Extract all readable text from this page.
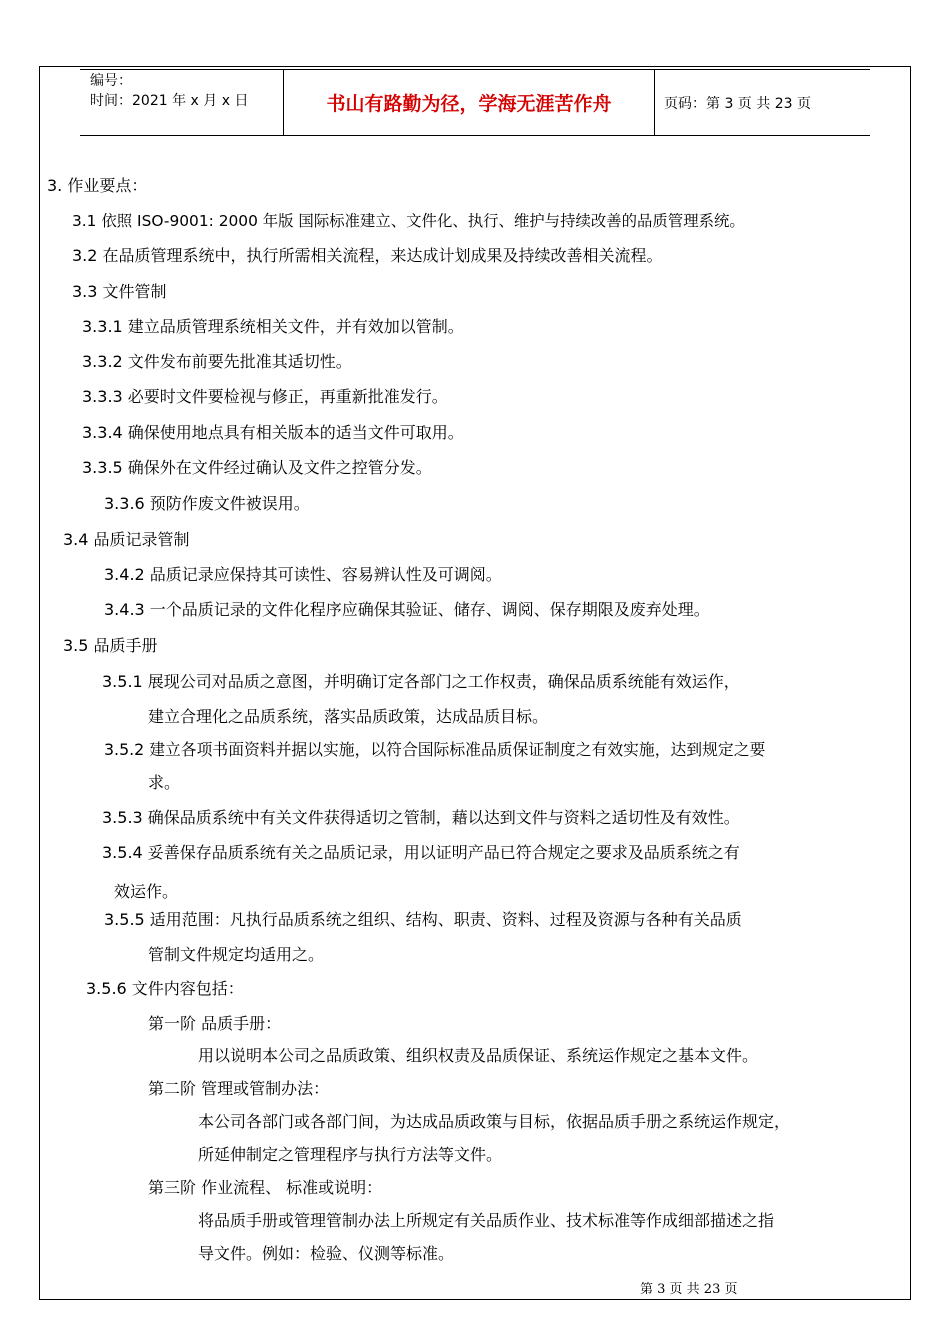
编号：
时间：2021 年 x 月 x 日	书山有路勤为径，学海无涯苦作舟	页码：第 3 页 共 23 页
3. 作业要点：
3.1 依照 ISO-9001: 2000 年版 国际标准建立、文件化、执行、维护与持续改善的品质管理系统。
3.2 在品质管理系统中，执行所需相关流程，来达成计划成果及持续改善相关流程。
3.3 文件管制
3.3.1 建立品质管理系统相关文件，并有效加以管制。
3.3.2 文件发布前要先批准其适切性。
3.3.3 必要时文件要检视与修正，再重新批准发行。
3.3.4 确保使用地点具有相关版本的适当文件可取用。
3.3.5 确保外在文件经过确认及文件之控管分发。
3.3.6 预防作废文件被误用。
3.4 品质记录管制
3.4.2 品质记录应保持其可读性、容易辨认性及可调阅。
3.4.3 一个品质记录的文件化程序应确保其验证、储存、调阅、保存期限及废弃处理。
3.5 品质手册
3.5.1 展现公司对品质之意图，并明确订定各部门之工作权责，确保品质系统能有效运作，
建立合理化之品质系统，落实品质政策，达成品质目标。
3.5.2 建立各项书面资料并据以实施，以符合国际标准品质保证制度之有效实施，达到规定之要
求。
3.5.3 确保品质系统中有关文件获得适切之管制，藉以达到文件与资料之适切性及有效性。
3.5.4 妥善保存品质系统有关之品质记录，用以证明产品已符合规定之要求及品质系统之有
效运作。
3.5.5 适用范围：凡执行品质系统之组织、结构、职责、资料、过程及资源与各种有关品质
管制文件规定均适用之。
3.5.6 文件内容包括：
第一阶 品质手册：
用以说明本公司之品质政策、组织权责及品质保证、系统运作规定之基本文件。
第二阶 管理或管制办法：
本公司各部门或各部门间，为达成品质政策与目标，依据品质手册之系统运作规定，
所延伸制定之管理程序与执行方法等文件。
第三阶 作业流程、 标准或说明：
将品质手册或管理管制办法上所规定有关品质作业、技术标准等作成细部描述之指
导文件。例如：检验、仪测等标准。
第 3 页 共 23 页
